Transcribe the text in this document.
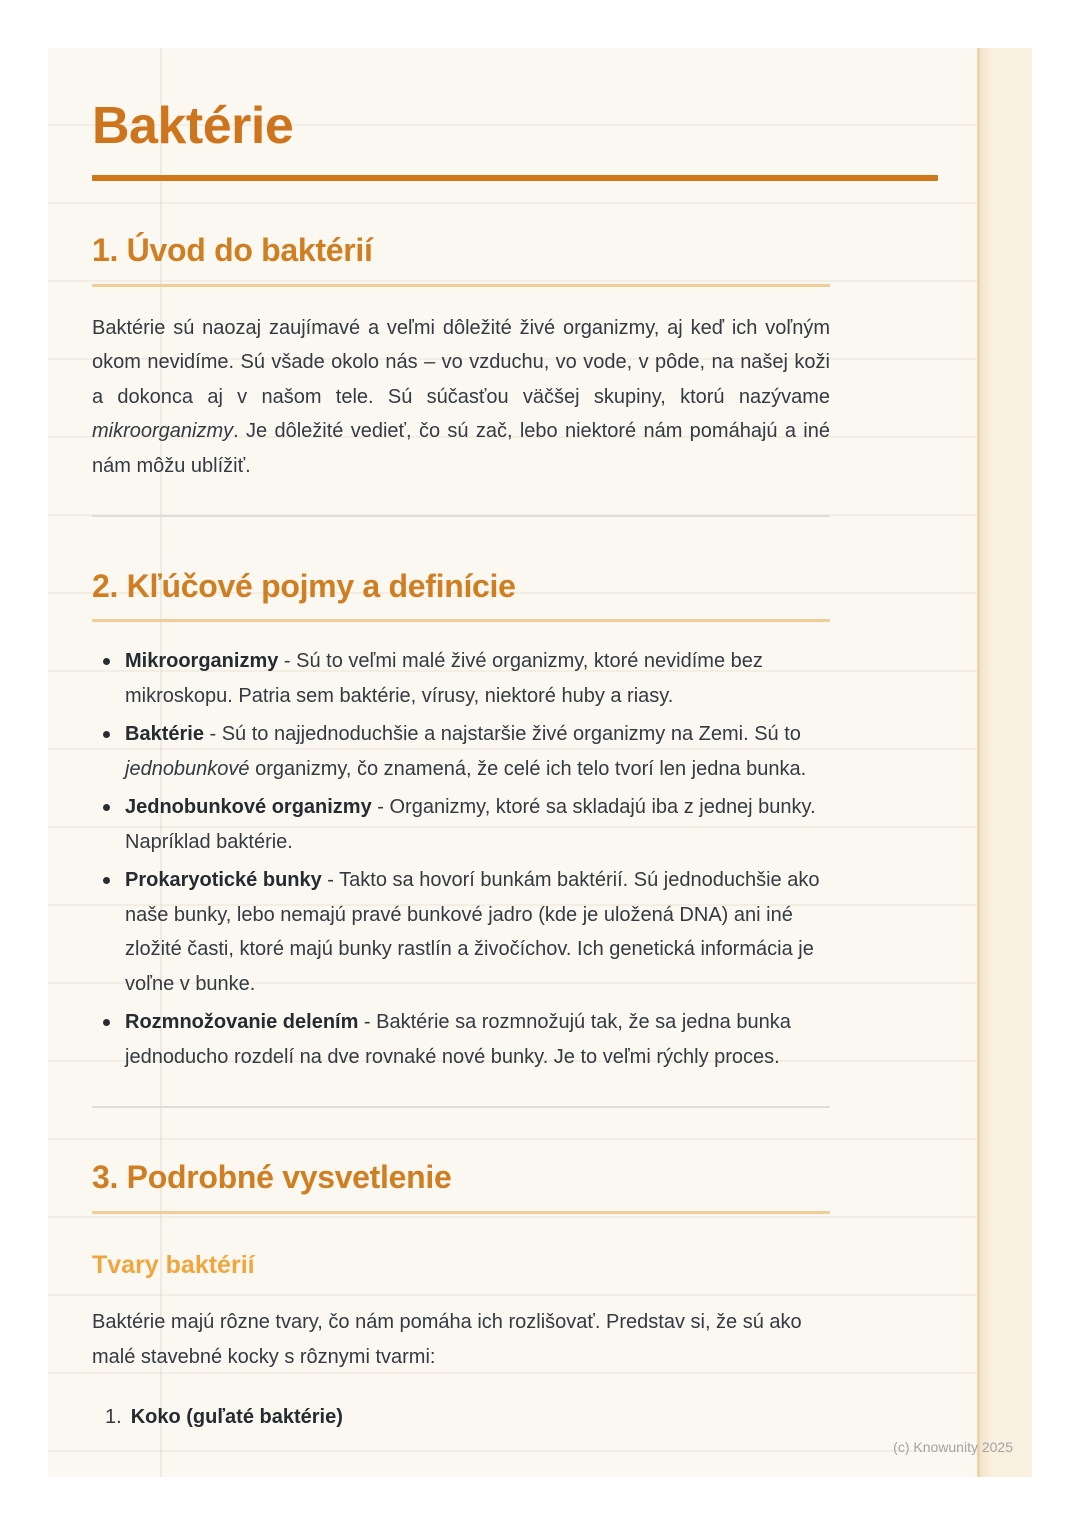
Baktérie
1. Úvod do baktérií

Baktérie sú naozaj zaujímavé a veľmi dôležité živé organizmy, aj keď ich voľným okom nevidíme. Sú všade okolo nás – vo vzduchu, vo vode, v pôde, na našej koži a dokonca aj v našom tele. Sú súčasťou väčšej skupiny, ktorú nazývame mikroorganizmy. Je dôležité vedieť, čo sú zač, lebo niektoré nám pomáhajú a iné nám môžu ublížiť.

2. Kľúčové pojmy a definície
Mikroorganizmy - Sú to veľmi malé živé organizmy, ktoré nevidíme bez mikroskopu. Patria sem baktérie, vírusy, niektoré huby a riasy.
Baktérie - Sú to najjednoduchšie a najstaršie živé organizmy na Zemi. Sú to jednobunkové organizmy, čo znamená, že celé ich telo tvorí len jedna bunka.
Jednobunkové organizmy - Organizmy, ktoré sa skladajú iba z jednej bunky. Napríklad baktérie.
Prokaryotické bunky - Takto sa hovorí bunkám baktérií. Sú jednoduchšie ako naše bunky, lebo nemajú pravé bunkové jadro (kde je uložená DNA) ani iné zložité časti, ktoré majú bunky rastlín a živočíchov. Ich genetická informácia je voľne v bunke.
Rozmnožovanie delením - Baktérie sa rozmnožujú tak, že sa jedna bunka jednoducho rozdelí na dve rovnaké nové bunky. Je to veľmi rýchly proces.
3. Podrobné vysvetlenie
Tvary baktérií

Baktérie majú rôzne tvary, čo nám pomáha ich rozlišovať. Predstav si, že sú ako malé stavebné kocky s rôznymi tvarmi:

1. Koko (guľaté baktérie)
(c) Knowunity 2025
